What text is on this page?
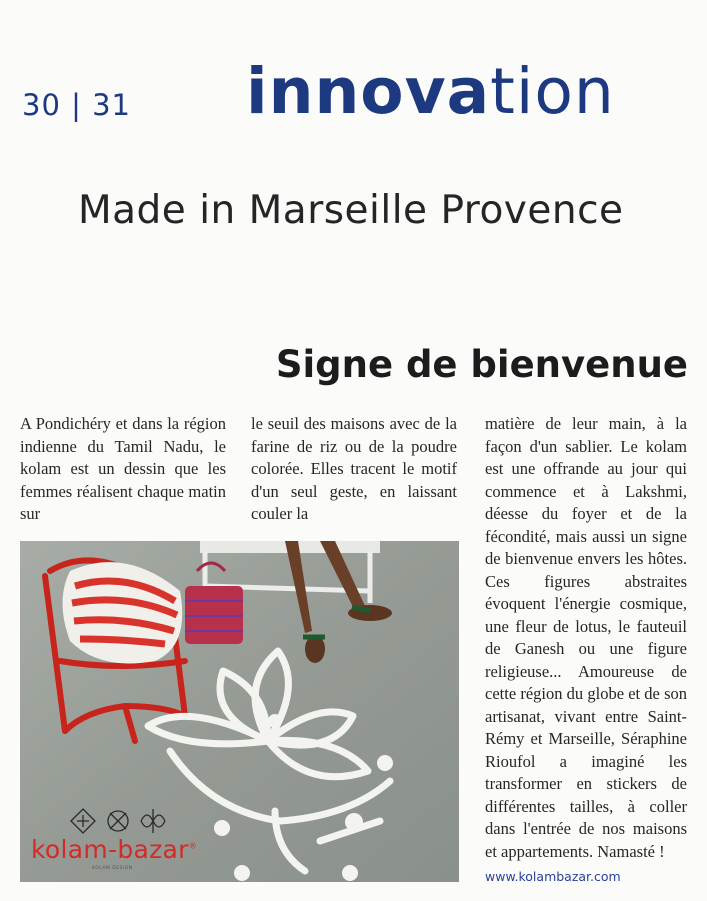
30 | 31 innovation
Made in Marseille Provence
Signe de bienvenue
A Pondichéry et dans la région indienne du Tamil Nadu, le kolam est un dessin que les femmes réalisent chaque matin sur
le seuil des maisons avec de la farine de riz ou de la poudre colorée. Elles tracent le motif d'un seul geste, en laissant couler la
matière de leur main, à la façon d'un sablier. Le kolam est une offrande au jour qui commence et à Lakshmi, déesse du foyer et de la fécondité, mais aussi un signe de bienvenue envers les hôtes. Ces figures abstraites évoquent l'énergie cosmique, une fleur de lotus, le fauteuil de Ganesh ou une figure religieuse... Amoureuse de cette région du globe et de son artisanat, vivant entre Saint-Rémy et Marseille, Séraphine Rioufol a imaginé les transformer en stickers de différentes tailles, à coller dans l'entrée de nos maisons et appartements. Namasté !
kolam-bazar®
KOLAM DESIGN
www.kolambazar.com
